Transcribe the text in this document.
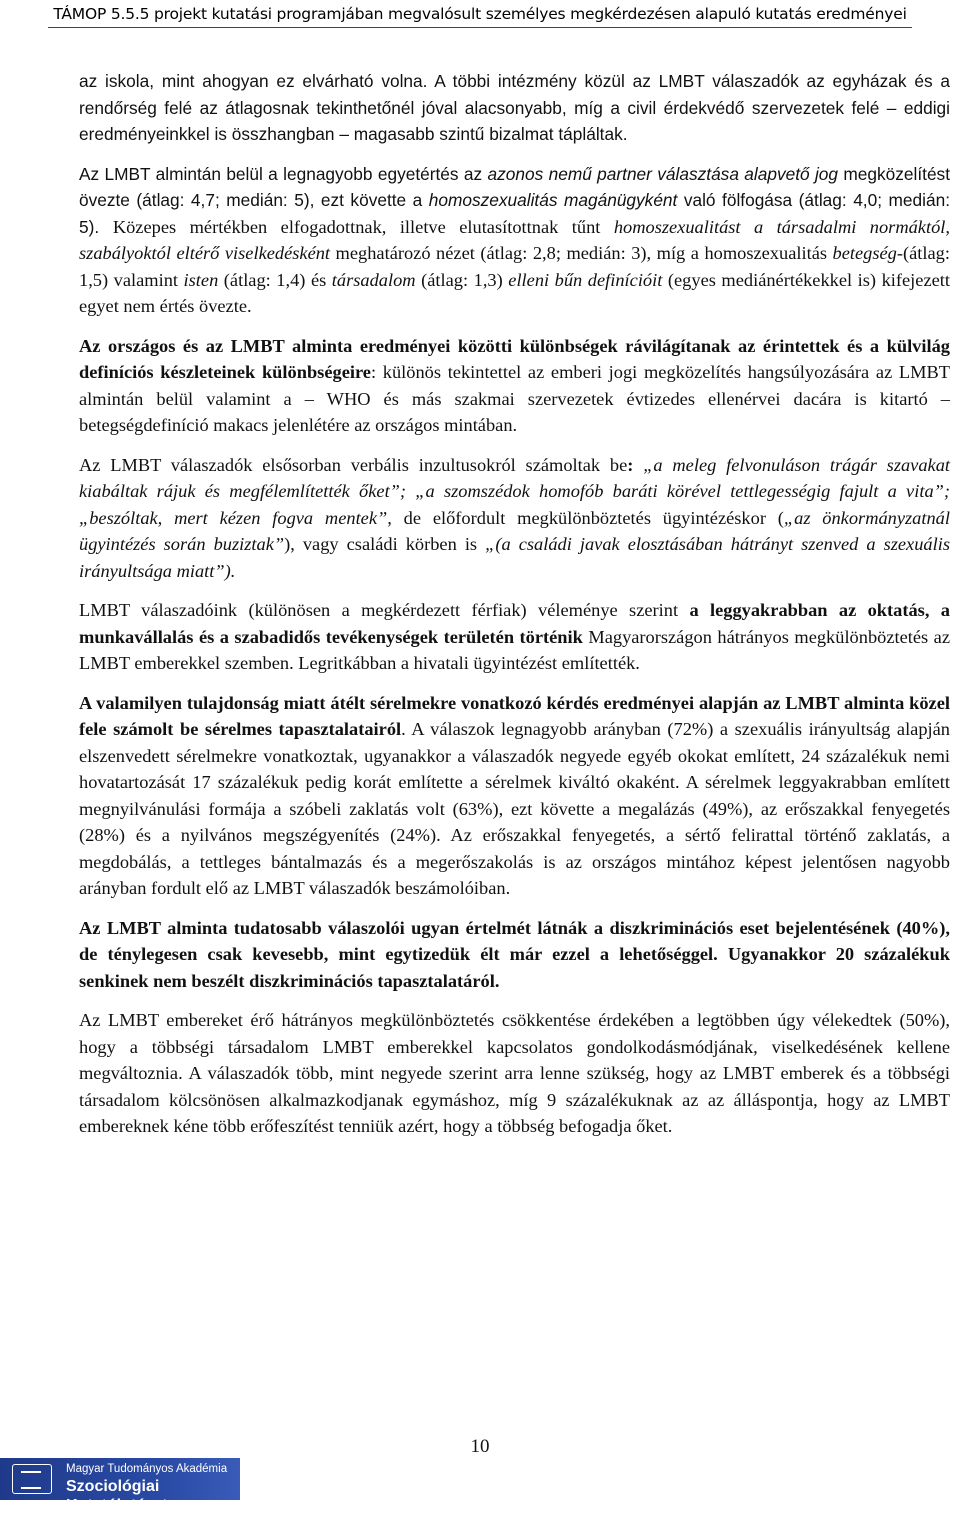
TÁMOP 5.5.5 projekt kutatási programjában megvalósult személyes megkérdezésen alapuló kutatás eredményei

az iskola, mint ahogyan ez elvárható volna. A többi intézmény közül az LMBT válaszadók az egyházak és a rendőrség felé az átlagosnak tekinthetőnél jóval alacsonyabb, míg a civil érdekvédő szervezetek felé – eddigi eredményeinkkel is összhangban – magasabb szintű bizalmat tápláltak.

Az LMBT almintán belül a legnagyobb egyetértés az azonos nemű partner választása alapvető jog megközelítést övezte (átlag: 4,7; medián: 5), ezt követte a homoszexualitás magánügyként való fölfogása (átlag: 4,0; medián: 5). Közepes mértékben elfogadottnak, illetve elutasítottnak tűnt homoszexualitást a társadalmi normáktól, szabályoktól eltérő viselkedésként meghatározó nézet (átlag: 2,8; medián: 3), míg a homoszexualitás betegség-(átlag: 1,5) valamint isten (átlag: 1,4) és társadalom (átlag: 1,3) elleni bűn definícióit (egyes mediánértékekkel is) kifejezett egyet nem értés övezte.

Az országos és az LMBT alminta eredményei közötti különbségek rávilágítanak az érintettek és a külvilág definíciós készleteinek különbségeire: különös tekintettel az emberi jogi megközelítés hangsúlyozására az LMBT almintán belül valamint a – WHO és más szakmai szervezetek évtizedes ellenérvei dacára is kitartó – betegségdefiníció makacs jelenlétére az országos mintában.

Az LMBT válaszadók elsősorban verbális inzultusokról számoltak be: „a meleg felvonuláson trágár szavakat kiabáltak rájuk és megfélemlítették őket”; „a szomszédok homofób baráti körével tettlegességig fajult a vita”; „beszóltak, mert kézen fogva mentek”, de előfordult megkülönböztetés ügyintézéskor („az önkormányzatnál ügyintézés során buziztak”), vagy családi körben is „(a családi javak elosztásában hátrányt szenved a szexuális irányultsága miatt”).

LMBT válaszadóink (különösen a megkérdezett férfiak) véleménye szerint a leggyakrabban az oktatás, a munkavállalás és a szabadidős tevékenységek területén történik Magyarországon hátrányos megkülönböztetés az LMBT emberekkel szemben. Legritkábban a hivatali ügyintézést említették.

A valamilyen tulajdonság miatt átélt sérelmekre vonatkozó kérdés eredményei alapján az LMBT alminta közel fele számolt be sérelmes tapasztalatairól. A válaszok legnagyobb arányban (72%) a szexuális irányultság alapján elszenvedett sérelmekre vonatkoztak, ugyanakkor a válaszadók negyede egyéb okokat említett, 24 százalékuk nemi hovatartozását 17 százalékuk pedig korát említette a sérelmek kiváltó okaként. A sérelmek leggyakrabban említett megnyilvánulási formája a szóbeli zaklatás volt (63%), ezt követte a megalázás (49%), az erőszakkal fenyegetés (28%) és a nyilvános megszégyenítés (24%). Az erőszakkal fenyegetés, a sértő felirattal történő zaklatás, a megdobálás, a tettleges bántalmazás és a megerőszakolás is az országos mintához képest jelentősen nagyobb arányban fordult elő az LMBT válaszadók beszámolóiban.

Az LMBT alminta tudatosabb válaszolói ugyan értelmét látnák a diszkriminációs eset bejelentésének (40%), de ténylegesen csak kevesebb, mint egytizedük élt már ezzel a lehetőséggel. Ugyanakkor 20 százalékuk senkinek nem beszélt diszkriminációs tapasztalatáról.

Az LMBT embereket érő hátrányos megkülönböztetés csökkentése érdekében a legtöbben úgy vélekedtek (50%), hogy a többségi társadalom LMBT emberekkel kapcsolatos gondolkodásmódjának, viselkedésének kellene megváltoznia. A válaszadók több, mint negyede szerint arra lenne szükség, hogy az LMBT emberek és a többségi társadalom kölcsönösen alkalmazkodjanak egymáshoz, míg 9 százalékuknak az az álláspontja, hogy az LMBT embereknek kéne több erőfeszítést tenniük azért, hogy a többség befogadja őket.

10
Magyar Tudományos Akadémia
Szociológiai Kutatóintézet
